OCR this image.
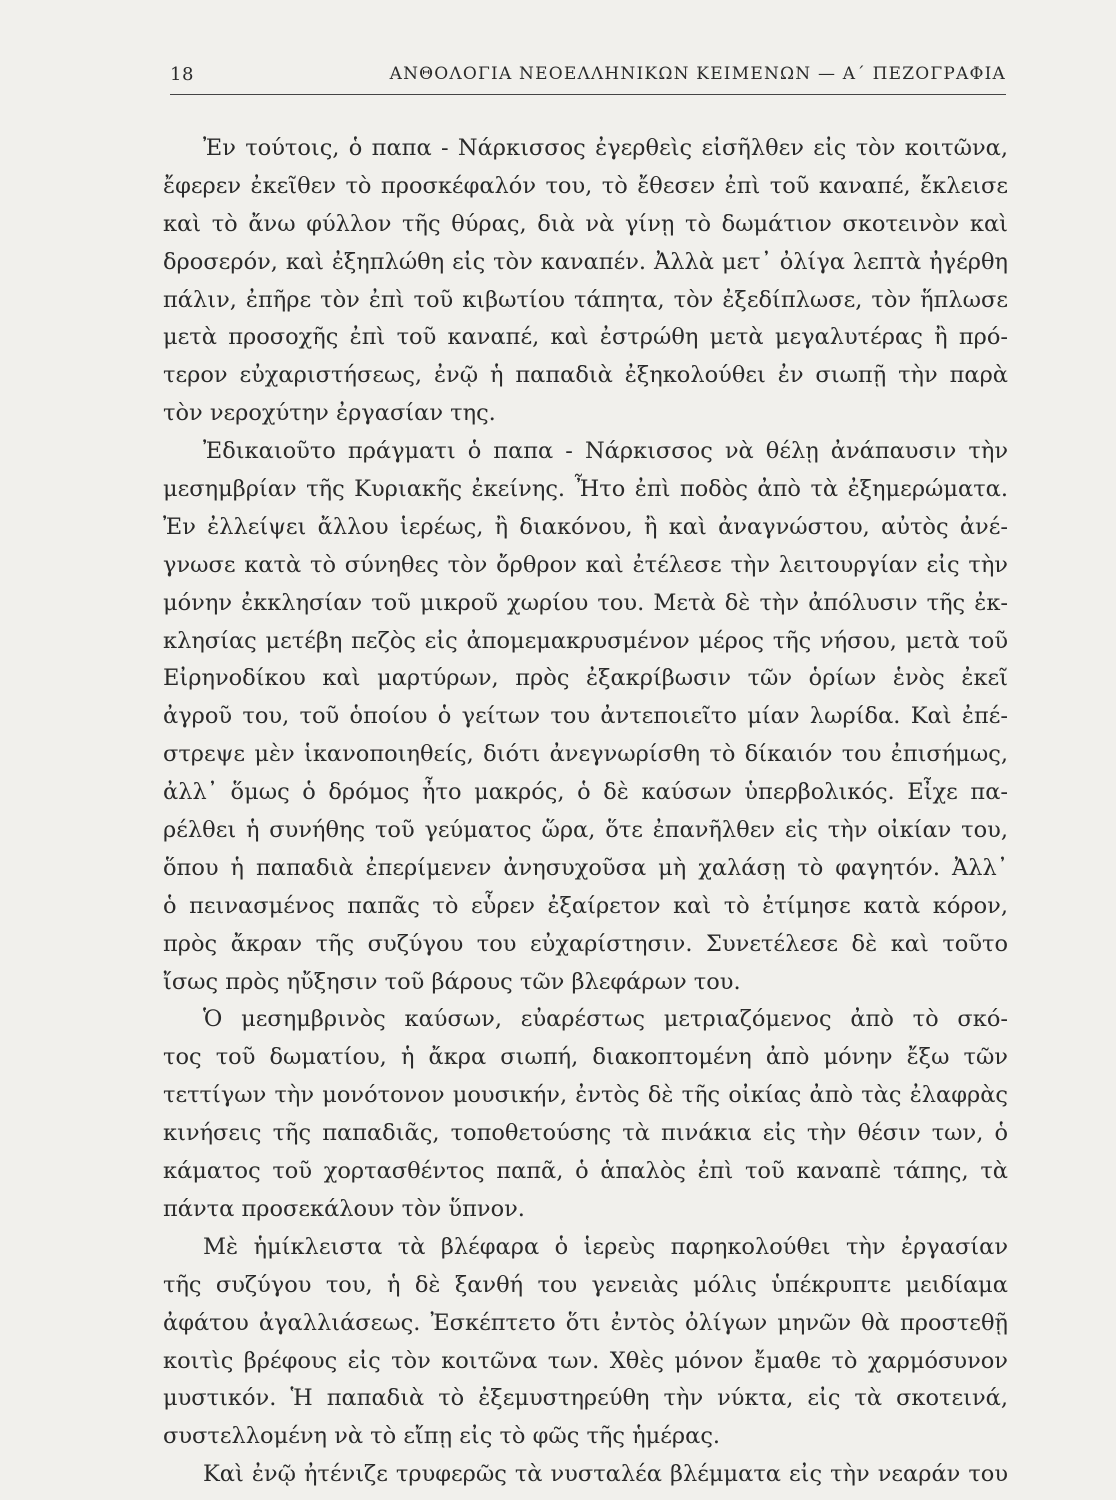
18	ΑΝΘΟΛΟΓΙΑ ΝΕΟΕΛΛΗΝΙΚΩΝ ΚΕΙΜΕΝΩΝ — Α΄ ΠΕΖΟΓΡΑΦΙΑ
Ἐν τούτοις, ὁ παπα - Νάρκισσος ἐγερθεὶς εἰσῆλθεν εἰς τὸν κοιτῶνα,
ἔφερεν ἐκεῖθεν τὸ προσκέφαλόν του, τὸ ἔθεσεν ἐπὶ τοῦ καναπέ, ἔκλεισε
καὶ τὸ ἄνω φύλλον τῆς θύρας, διὰ νὰ γίνῃ τὸ δωμάτιον σκοτεινὸν καὶ
δροσερόν, καὶ ἐξηπλώθη εἰς τὸν καναπέν. Ἀλλὰ μετ᾽ ὀλίγα λεπτὰ ἠγέρθη
πάλιν, ἐπῆρε τὸν ἐπὶ τοῦ κιβωτίου τάπητα, τὸν ἐξεδίπλωσε, τὸν ἥπλωσε
μετὰ προσοχῆς ἐπὶ τοῦ καναπέ, καὶ ἐστρώθη μετὰ μεγαλυτέρας ἢ πρό-
τερον εὐχαριστήσεως, ἐνῷ ἡ παπαδιὰ ἐξηκολούθει ἐν σιωπῇ τὴν παρὰ
τὸν νεροχύτην ἐργασίαν της.
Ἐδικαιοῦτο πράγματι ὁ παπα - Νάρκισσος νὰ θέλῃ ἀνάπαυσιν τὴν
μεσημβρίαν τῆς Κυριακῆς ἐκείνης. Ἦτο ἐπὶ ποδὸς ἀπὸ τὰ ἐξημερώματα.
Ἐν ἐλλείψει ἄλλου ἱερέως, ἢ διακόνου, ἢ καὶ ἀναγνώστου, αὐτὸς ἀνέ-
γνωσε κατὰ τὸ σύνηθες τὸν ὄρθρον καὶ ἐτέλεσε τὴν λειτουργίαν εἰς τὴν
μόνην ἐκκλησίαν τοῦ μικροῦ χωρίου του. Μετὰ δὲ τὴν ἀπόλυσιν τῆς ἐκ-
κλησίας μετέβη πεζὸς εἰς ἀπομεμακρυσμένον μέρος τῆς νήσου, μετὰ τοῦ
Εἰρηνοδίκου καὶ μαρτύρων, πρὸς ἐξακρίβωσιν τῶν ὁρίων ἑνὸς ἐκεῖ
ἀγροῦ του, τοῦ ὁποίου ὁ γείτων του ἀντεποιεῖτο μίαν λωρίδα. Καὶ ἐπέ-
στρεψε μὲν ἱκανοποιηθείς, διότι ἀνεγνωρίσθη τὸ δίκαιόν του ἐπισήμως,
ἀλλ᾽ ὅμως ὁ δρόμος ἦτο μακρός, ὁ δὲ καύσων ὑπερβολικός. Εἶχε πα-
ρέλθει ἡ συνήθης τοῦ γεύματος ὥρα, ὅτε ἐπανῆλθεν εἰς τὴν οἰκίαν του,
ὅπου ἡ παπαδιὰ ἐπερίμενεν ἀνησυχοῦσα μὴ χαλάσῃ τὸ φαγητόν. Ἀλλ᾽
ὁ πεινασμένος παπᾶς τὸ εὗρεν ἐξαίρετον καὶ τὸ ἐτίμησε κατὰ κόρον,
πρὸς ἄκραν τῆς συζύγου του εὐχαρίστησιν. Συνετέλεσε δὲ καὶ τοῦτο
ἴσως πρὸς ηὔξησιν τοῦ βάρους τῶν βλεφάρων του.
Ὁ μεσημβρινὸς καύσων, εὐαρέστως μετριαζόμενος ἀπὸ τὸ σκό-
τος τοῦ δωματίου, ἡ ἄκρα σιωπή, διακοπτομένη ἀπὸ μόνην ἔξω τῶν
τεττίγων τὴν μονότονον μουσικήν, ἐντὸς δὲ τῆς οἰκίας ἀπὸ τὰς ἐλαφρὰς
κινήσεις τῆς παπαδιᾶς, τοποθετούσης τὰ πινάκια εἰς τὴν θέσιν των, ὁ
κάματος τοῦ χορτασθέντος παπᾶ, ὁ ἁπαλὸς ἐπὶ τοῦ καναπὲ τάπης, τὰ
πάντα προσεκάλουν τὸν ὕπνον.
Μὲ ἡμίκλειστα τὰ βλέφαρα ὁ ἱερεὺς παρηκολούθει τὴν ἐργασίαν
τῆς συζύγου του, ἡ δὲ ξανθή του γενειὰς μόλις ὑπέκρυπτε μειδίαμα
ἀφάτου ἀγαλλιάσεως. Ἐσκέπτετο ὅτι ἐντὸς ὀλίγων μηνῶν θὰ προστεθῇ
κοιτὶς βρέφους εἰς τὸν κοιτῶνα των. Χθὲς μόνον ἔμαθε τὸ χαρμόσυνον
μυστικόν. Ἡ παπαδιὰ τὸ ἐξεμυστηρεύθη τὴν νύκτα, εἰς τὰ σκοτεινά,
συστελλομένη νὰ τὸ εἴπῃ εἰς τὸ φῶς τῆς ἡμέρας.
Καὶ ἐνῷ ἠτένιζε τρυφερῶς τὰ νυσταλέα βλέμματα εἰς τὴν νεαράν του
